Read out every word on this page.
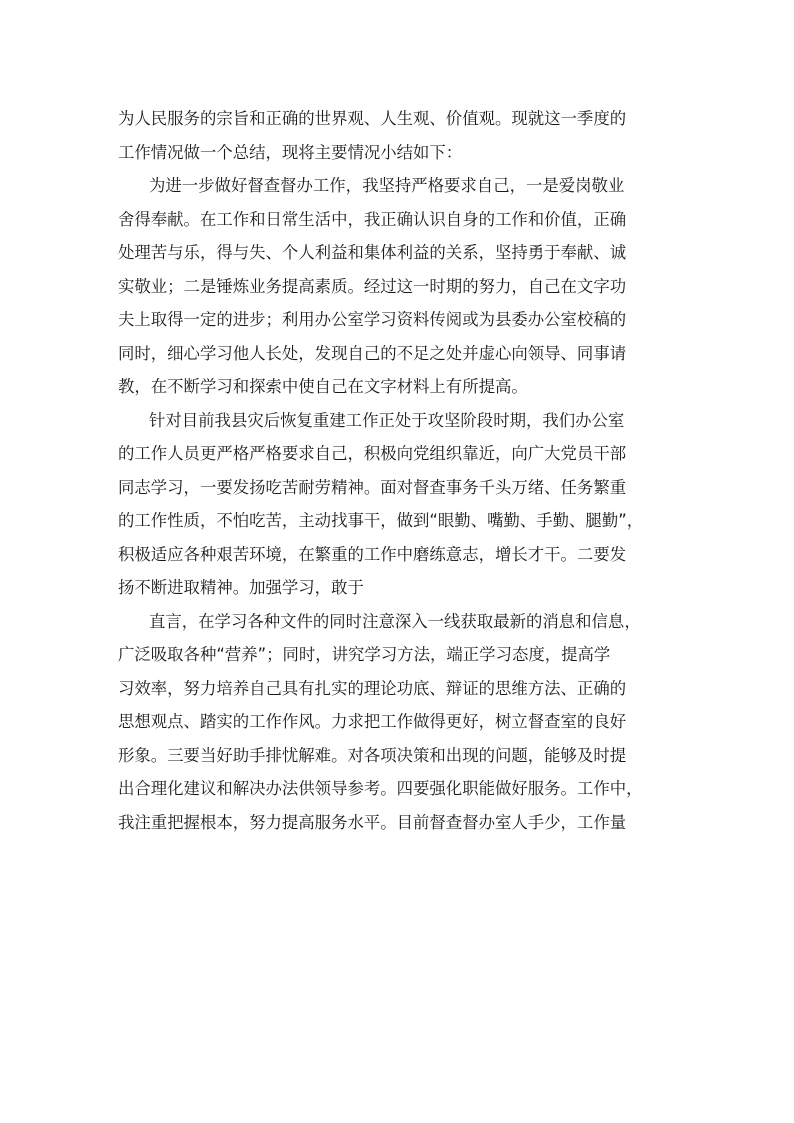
为人民服务的宗旨和正确的世界观、人生观、价值观。现就这一季度的
工作情况做一个总结，现将主要情况小结如下：
为进一步做好督查督办工作，我坚持严格要求自己，一是爱岗敬业
舍得奉献。在工作和日常生活中，我正确认识自身的工作和价值，正确
处理苦与乐，得与失、个人利益和集体利益的关系，坚持勇于奉献、诚
实敬业；二是锤炼业务提高素质。经过这一时期的努力，自己在文字功
夫上取得一定的进步；利用办公室学习资料传阅或为县委办公室校稿的
同时，细心学习他人长处，发现自己的不足之处并虚心向领导、同事请
教，在不断学习和探索中使自己在文字材料上有所提高。
针对目前我县灾后恢复重建工作正处于攻坚阶段时期，我们办公室
的工作人员更严格严格要求自己，积极向党组织靠近，向广大党员干部
同志学习，一要发扬吃苦耐劳精神。面对督查事务千头万绪、任务繁重
的工作性质，不怕吃苦，主动找事干，做到“眼勤、嘴勤、手勤、腿勤”，
积极适应各种艰苦环境，在繁重的工作中磨练意志，增长才干。二要发
扬不断进取精神。加强学习，敢于
直言，在学习各种文件的同时注意深入一线获取最新的消息和信息，
广泛吸取各种“营养”；同时，讲究学习方法，端正学习态度，提高学
习效率，努力培养自己具有扎实的理论功底、辩证的思维方法、正确的
思想观点、踏实的工作作风。力求把工作做得更好，树立督查室的良好
形象。三要当好助手排忧解难。对各项决策和出现的问题，能够及时提
出合理化建议和解决办法供领导参考。四要强化职能做好服务。工作中，
我注重把握根本，努力提高服务水平。目前督查督办室人手少，工作量
